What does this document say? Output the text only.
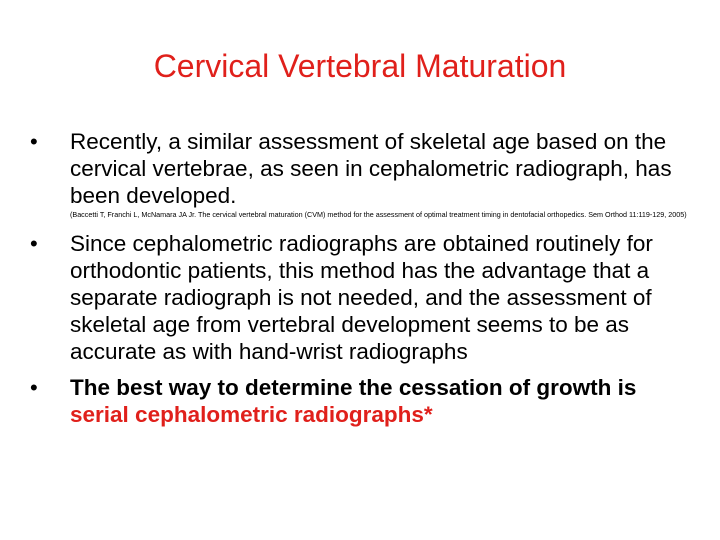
Cervical Vertebral Maturation
•
Recently, a similar assessment of skeletal age based on the cervical vertebrae, as seen in cephalometric radiograph, has been developed.
(Baccetti T, Franchi L, McNamara JA Jr. The cervical vertebral maturation (CVM) method for the assessment of optimal treatment timing in dentofacial orthopedics. Sem Orthod 11:119-129, 2005)
•
Since cephalometric radiographs are obtained routinely for orthodontic patients, this method has the advantage that a separate radiograph is not needed, and the assessment of skeletal age from vertebral development seems to be as accurate as with hand-wrist radiographs
•
The best way to determine the cessation of growth is serial cephalometric radiographs*
